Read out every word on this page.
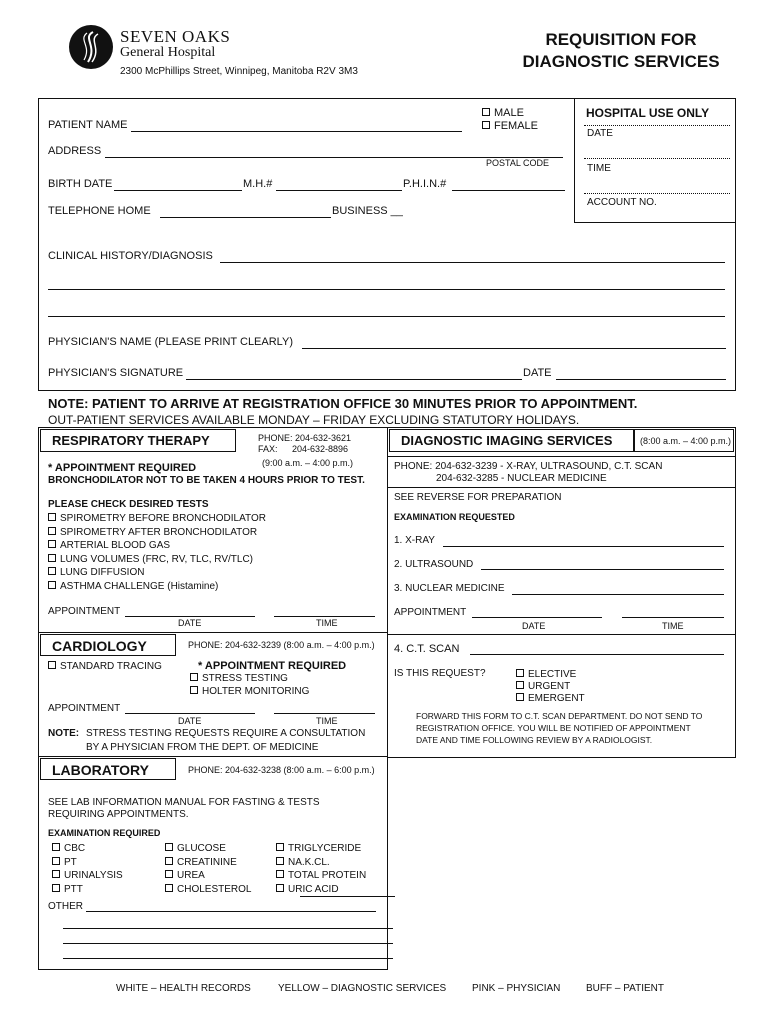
SEVEN OAKS
General Hospital
2300 McPhillips Street, Winnipeg, Manitoba R2V 3M3
REQUISITION FOR
DIAGNOSTIC SERVICES
HOSPITAL USE ONLY
DATE
TIME
ACCOUNT NO.
MALE
FEMALE
PATIENT NAME
ADDRESS
POSTAL CODE
BIRTH DATE	M.H.#	P.H.I.N.#
TELEPHONE HOME	BUSINESS __
CLINICAL HISTORY/DIAGNOSIS
PHYSICIAN'S NAME (PLEASE PRINT CLEARLY)
PHYSICIAN'S SIGNATURE	DATE
NOTE: PATIENT TO ARRIVE AT REGISTRATION OFFICE 30 MINUTES PRIOR TO APPOINTMENT.
OUT-PATIENT SERVICES AVAILABLE MONDAY – FRIDAY EXCLUDING STATUTORY HOLIDAYS.
RESPIRATORY THERAPY	PHONE: 204-632-3621
FAX: 204-632-8896
(9:00 a.m. – 4:00 p.m.)
* APPOINTMENT REQUIRED
BRONCHODILATOR NOT TO BE TAKEN 4 HOURS PRIOR TO TEST.
PLEASE CHECK DESIRED TESTS
SPIROMETRY BEFORE BRONCHODILATOR
SPIROMETRY AFTER BRONCHODILATOR
ARTERIAL BLOOD GAS
LUNG VOLUMES (FRC, RV, TLC, RV/TLC)
LUNG DIFFUSION
ASTHMA CHALLENGE (Histamine)
APPOINTMENT
DATE	TIME
CARDIOLOGY	PHONE: 204-632-3239 (8:00 a.m. – 4:00 p.m.)
STANDARD TRACING	* APPOINTMENT REQUIRED
STRESS TESTING
HOLTER MONITORING
APPOINTMENT
DATE	TIME
NOTE: STRESS TESTING REQUESTS REQUIRE A CONSULTATION
BY A PHYSICIAN FROM THE DEPT. OF MEDICINE
LABORATORY	PHONE: 204-632-3238 (8:00 a.m. – 6:00 p.m.)
SEE LAB INFORMATION MANUAL FOR FASTING & TESTS
REQUIRING APPOINTMENTS.
EXAMINATION REQUIRED
CBC
PT
URINALYSIS
PTT
GLUCOSE
CREATININE
UREA
CHOLESTEROL
TRIGLYCERIDE
NA.K.CL.
TOTAL PROTEIN
URIC ACID
OTHER
DIAGNOSTIC IMAGING SERVICES	(8:00 a.m. – 4:00 p.m.)
PHONE: 204-632-3239 - X-RAY, ULTRASOUND, C.T. SCAN
204-632-3285 - NUCLEAR MEDICINE
SEE REVERSE FOR PREPARATION
EXAMINATION REQUESTED
1. X-RAY
2. ULTRASOUND
3. NUCLEAR MEDICINE
APPOINTMENT
DATE	TIME
4. C.T. SCAN
IS THIS REQUEST?	ELECTIVE
URGENT
EMERGENT
FORWARD THIS FORM TO C.T. SCAN DEPARTMENT. DO NOT SEND TO
REGISTRATION OFFICE. YOU WILL BE NOTIFIED OF APPOINTMENT
DATE AND TIME FOLLOWING REVIEW BY A RADIOLOGIST.
WHITE – HEALTH RECORDS	YELLOW – DIAGNOSTIC SERVICES	PINK – PHYSICIAN	BUFF – PATIENT
